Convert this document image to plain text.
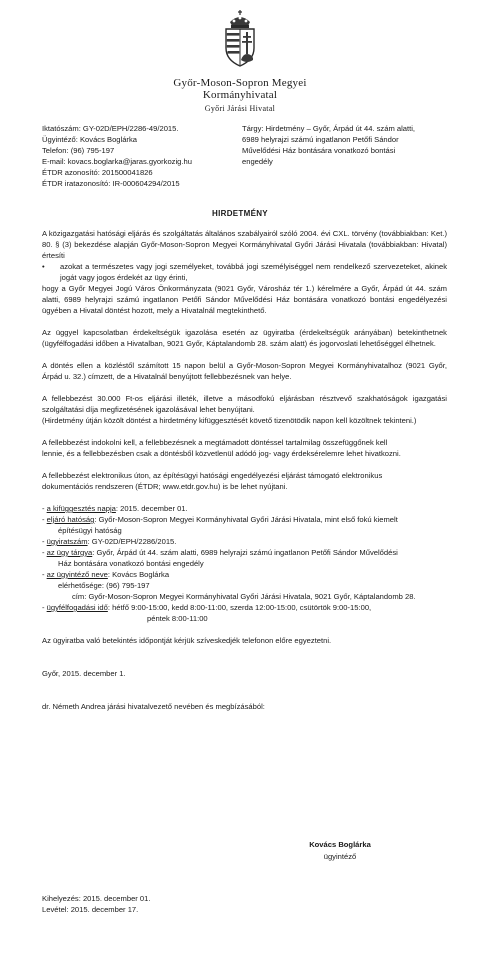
Győr-Moson-Sopron Megyei
Kormányhivatal
Győri Járási Hivatal
Iktatószám: GY-02D/EPH/2286-49/2015.
Ügyintéző: Kovács Boglárka
Telefon: (96) 795-197
E-mail: kovacs.boglarka@jaras.gyorkozig.hu
ÉTDR azonosító: 201500041826
ÉTDR iratazonosító: IR-000604294/2015
Tárgy: Hirdetmény – Győr, Árpád út 44. szám alatti,
6989 helyrajzi számú ingatlanon Petőfi Sándor
Művelődési Ház bontására vonatkozó bontási
engedély
HIRDETMÉNY

A közigazgatási hatósági eljárás és szolgáltatás általános szabályairól szóló 2004. évi CXL. törvény (továbbiakban: Ket.) 80. § (3) bekezdése alapján Győr-Moson-Sopron Megyei Kormányhivatal Győri Járási Hivatala (továbbiakban: Hivatal) értesíti

• azokat a természetes vagy jogi személyeket, továbbá jogi személyiséggel nem rendelkező szervezeteket, akinek jogát vagy jogos érdekét az ügy érinti,

hogy a Győr Megyei Jogú Város Önkormányzata (9021 Győr, Városház tér 1.) kérelmére a Győr, Árpád út 44. szám alatti, 6989 helyrajzi számú ingatlanon Petőfi Sándor Művelődési Ház bontására vonatkozó bontási engedélyezési ügyében a Hivatal döntést hozott, mely a Hivatalnál megtekinthető.

Az üggyel kapcsolatban érdekeltségük igazolása esetén az ügyiratba (érdekeltségük arányában) betekinthetnek (ügyfélfogadási időben a Hivatalban, 9021 Győr, Káptalandomb 28. szám alatt) és jogorvoslati lehetőséggel élhetnek.

A döntés ellen a közléstől számított 15 napon belül a Győr-Moson-Sopron Megyei Kormányhivatalhoz (9021 Győr, Árpád u. 32.) címzett, de a Hivatalnál benyújtott fellebbezésnek van helye.

A fellebbezést 30.000 Ft-os eljárási illeték, illetve a másodfokú eljárásban résztvevő szakhatóságok igazgatási szolgáltatási díja megfizetésének igazolásával lehet benyújtani.
(Hirdetmény útján közölt döntést a hirdetmény kifüggesztését követő tizenötödik napon kell közöltnek tekinteni.)

A fellebbezést indokolni kell, a fellebbezésnek a megtámadott döntéssel tartalmilag összefüggőnek kell
lennie, és a fellebbezésben csak a döntésből közvetlenül adódó jog- vagy érdeksérelemre lehet hivatkozni.

A fellebbezést elektronikus úton, az építésügyi hatósági engedélyezési eljárást támogató elektronikus
dokumentációs rendszeren (ÉTDR; www.etdr.gov.hu) is be lehet nyújtani.

- a kifüggesztés napja: 2015. december 01.
- eljáró hatóság: Győr-Moson-Sopron Megyei Kormányhivatal Győri Járási Hivatala, mint első fokú kiemelt
építésügyi hatóság
- ügyiratszám: GY-02D/EPH/2286/2015.
- az ügy tárgya: Győr, Árpád út 44. szám alatti, 6989 helyrajzi számú ingatlanon Petőfi Sándor Művelődési
Ház bontására vonatkozó bontási engedély
- az ügyintéző neve: Kovács Boglárka
elérhetősége: (96) 795-197
cím: Győr-Moson-Sopron Megyei Kormányhivatal Győri Járási Hivatala, 9021 Győr, Káptalandomb 28.
- ügyfélfogadási idő: hétfő 9:00-15:00, kedd 8:00-11:00, szerda 12:00-15:00, csütörtök 9:00-15:00,
péntek 8:00-11:00

Az ügyiratba való betekintés időpontját kérjük szíveskedjék telefonon előre egyeztetni.

Győr, 2015. december 1.

dr. Németh Andrea járási hivatalvezető nevében és megbízásából:

Kovács Boglárka
ügyintéző
Kihelyezés: 2015. december 01.
Levétel: 2015. december 17.
